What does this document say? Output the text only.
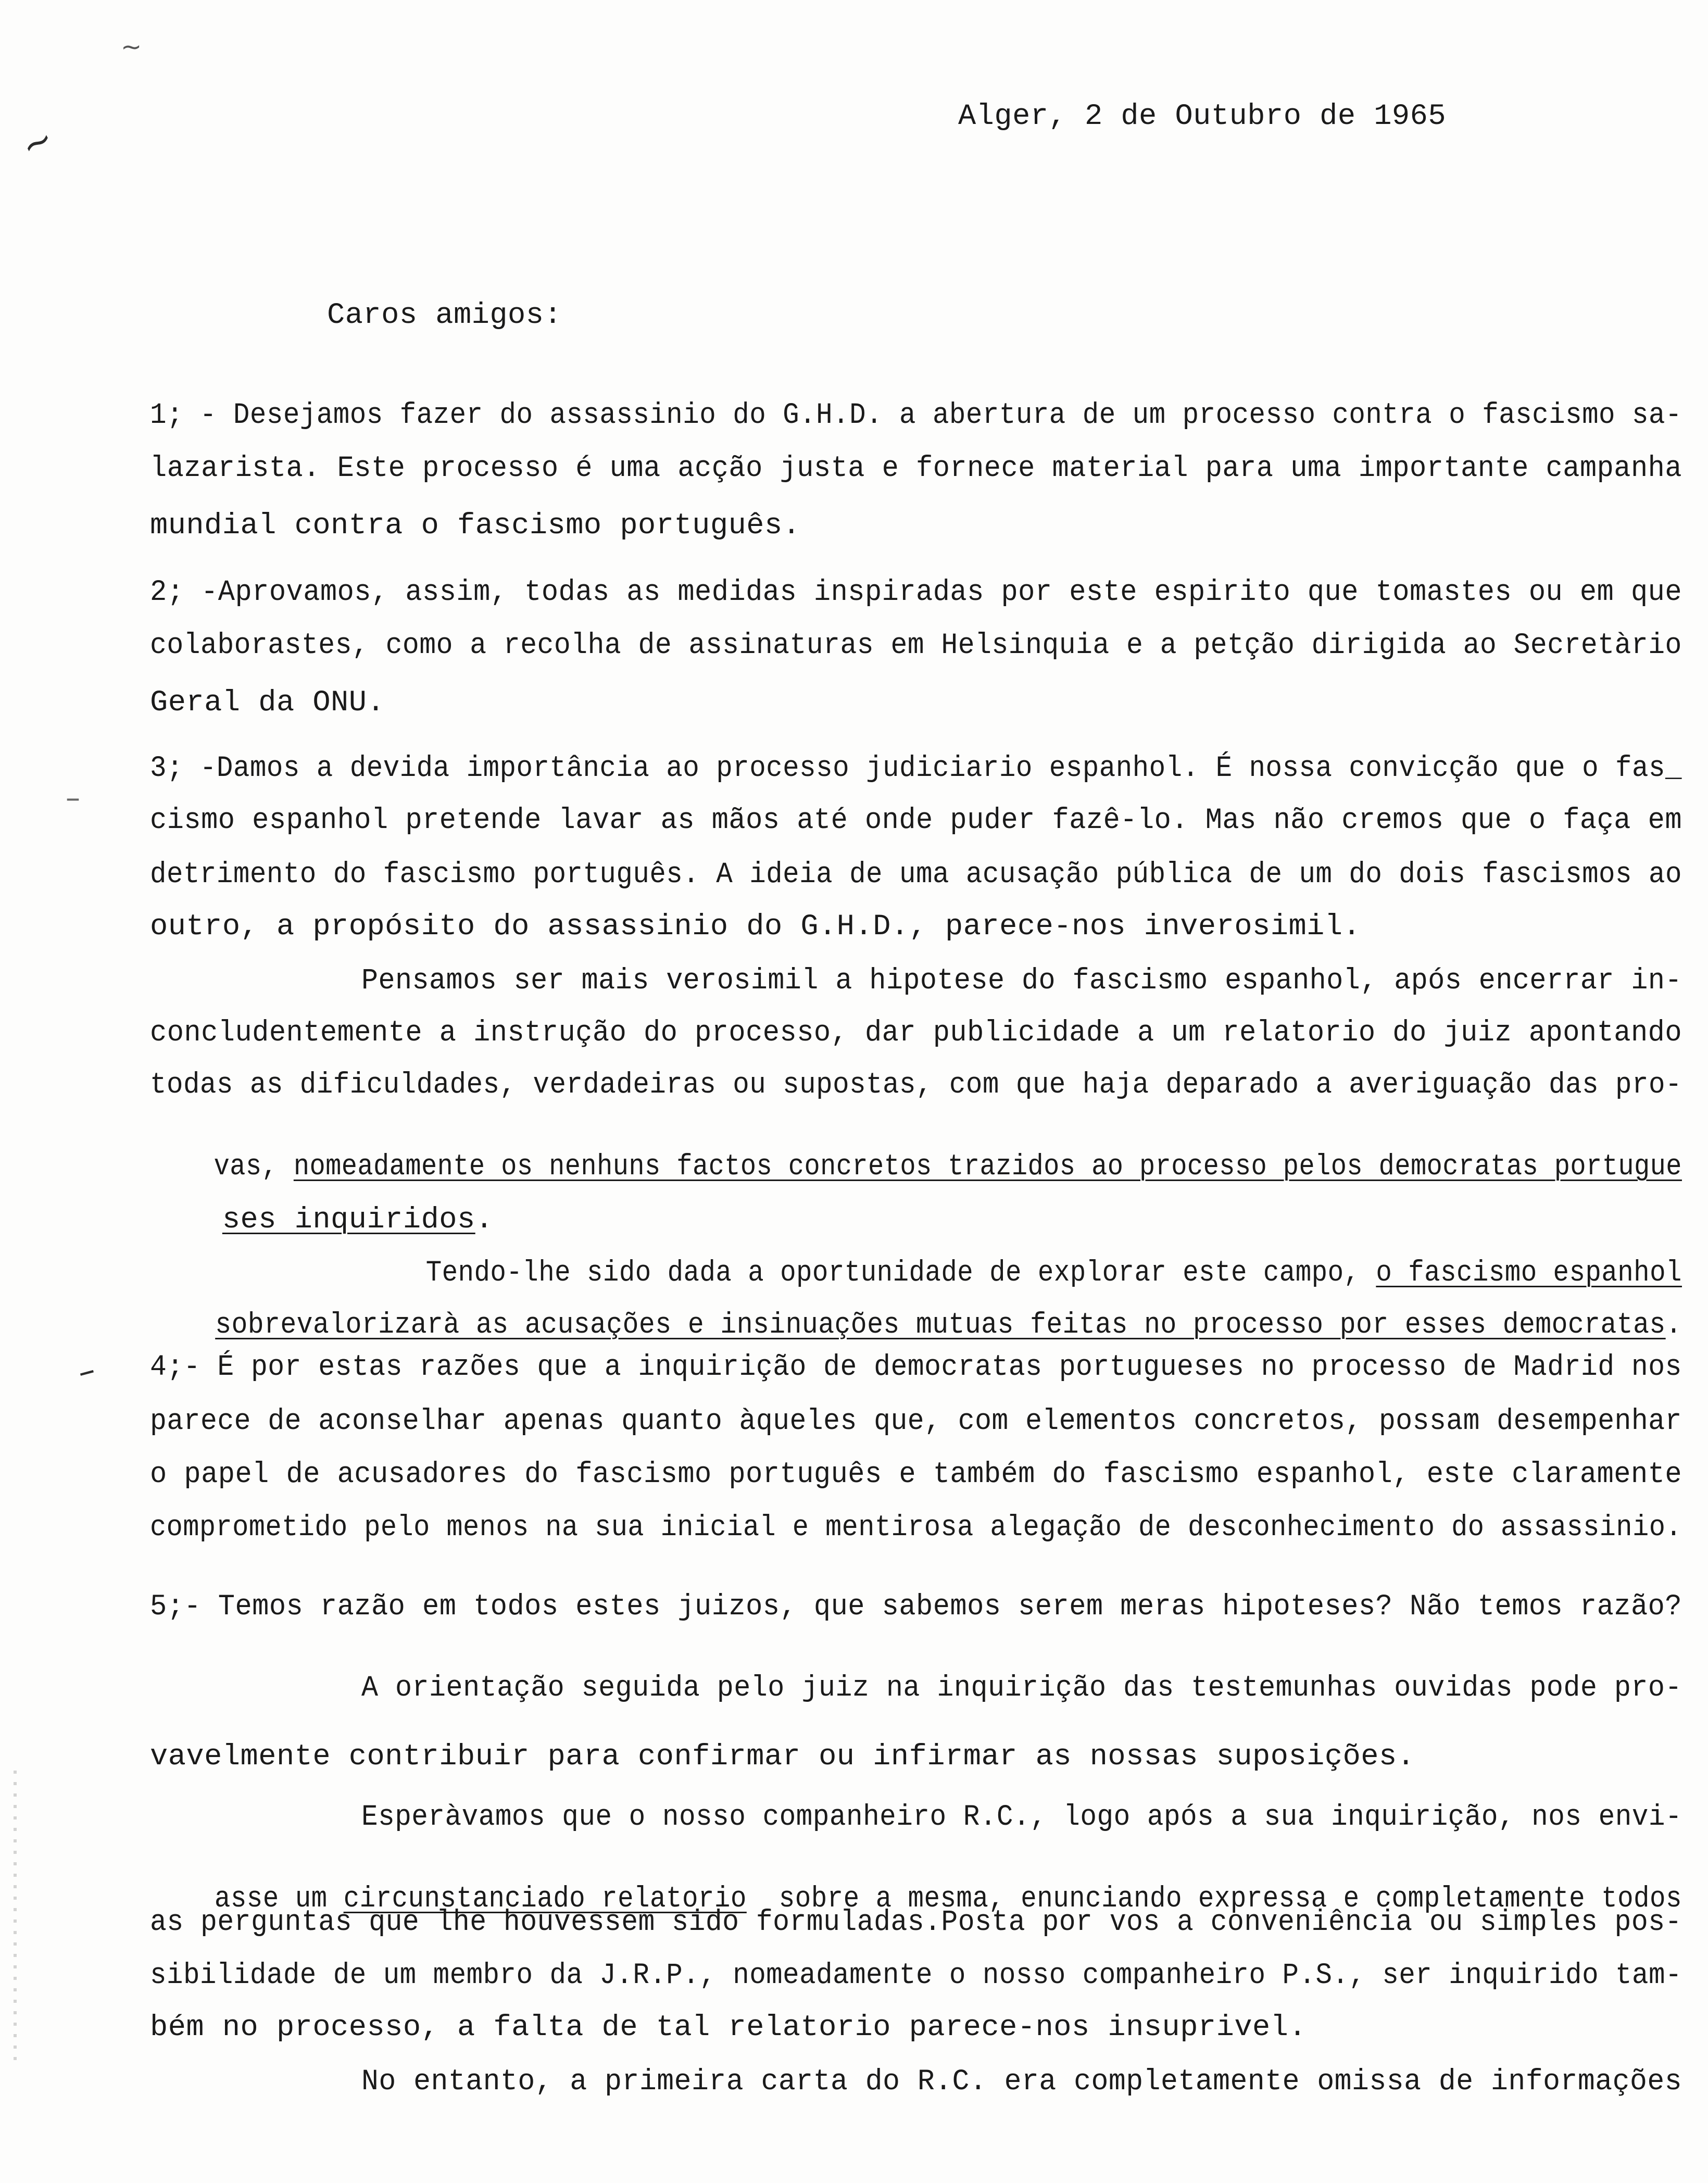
~
~
–
–
Alger, 2 de Outubro de 1965
Caros amigos:
1; - Desejamos fazer do assassinio do G.H.D. a abertura de um processo contra o fascismo sa-
lazarista. Este processo é uma acção justa e fornece material para uma importante campanha
mundial contra o fascismo português.
2; -Aprovamos, assim, todas as medidas inspiradas por este espirito que tomastes ou em que
colaborastes, como a recolha de assinaturas em Helsinquia e a petção dirigida ao Secretàrio
Geral da ONU.
3; -Damos a devida importância ao processo judiciario espanhol. É nossa convicção que o fas_
cismo espanhol pretende lavar as mãos até onde puder fazê-lo. Mas não cremos que o faça em
detrimento do fascismo português. A ideia de uma acusação pública de um do dois fascismos ao
outro, a propósito do assassinio do G.H.D., parece-nos inverosimil.
Pensamos ser mais verosimil a hipotese do fascismo espanhol, após encerrar in-
concludentemente a instrução do processo, dar publicidade a um relatorio do juiz apontando
todas as dificuldades, verdadeiras ou supostas, com que haja deparado a averiguação das pro-

vas, nomeadamente os nenhuns factos concretos trazidos ao processo pelos democratas portugue

ses inquiridos.

Tendo-lhe sido dada a oportunidade de explorar este campo, o fascismo espanhol

sobrevalorizarà as acusações e insinuações mutuas feitas no processo por esses democratas.

4;- É por estas razões que a inquirição de democratas portugueses no processo de Madrid nos
parece de aconselhar apenas quanto àqueles que, com elementos concretos, possam desempenhar
o papel de acusadores do fascismo português e também do fascismo espanhol, este claramente
comprometido pelo menos na sua inicial e mentirosa alegação de desconhecimento do assassinio.
5;- Temos razão em todos estes juizos, que sabemos serem meras hipoteses? Não temos razão?
A orientação seguida pelo juiz na inquirição das testemunhas ouvidas pode pro-
vavelmente contribuir para confirmar ou infirmar as nossas suposições.
Esperàvamos que o nosso companheiro R.C., logo após a sua inquirição, nos envi-

asse um circunstanciado relatorio  sobre a mesma, enunciando expressa e completamente todos

as perguntas que lhe houvessem sido formuladas.Posta por vos a conveniência ou simples pos-
sibilidade de um membro da J.R.P., nomeadamente o nosso companheiro P.S., ser inquirido tam-
bém no processo, a falta de tal relatorio parece-nos insuprivel.
No entanto, a primeira carta do R.C. era completamente omissa de informações
